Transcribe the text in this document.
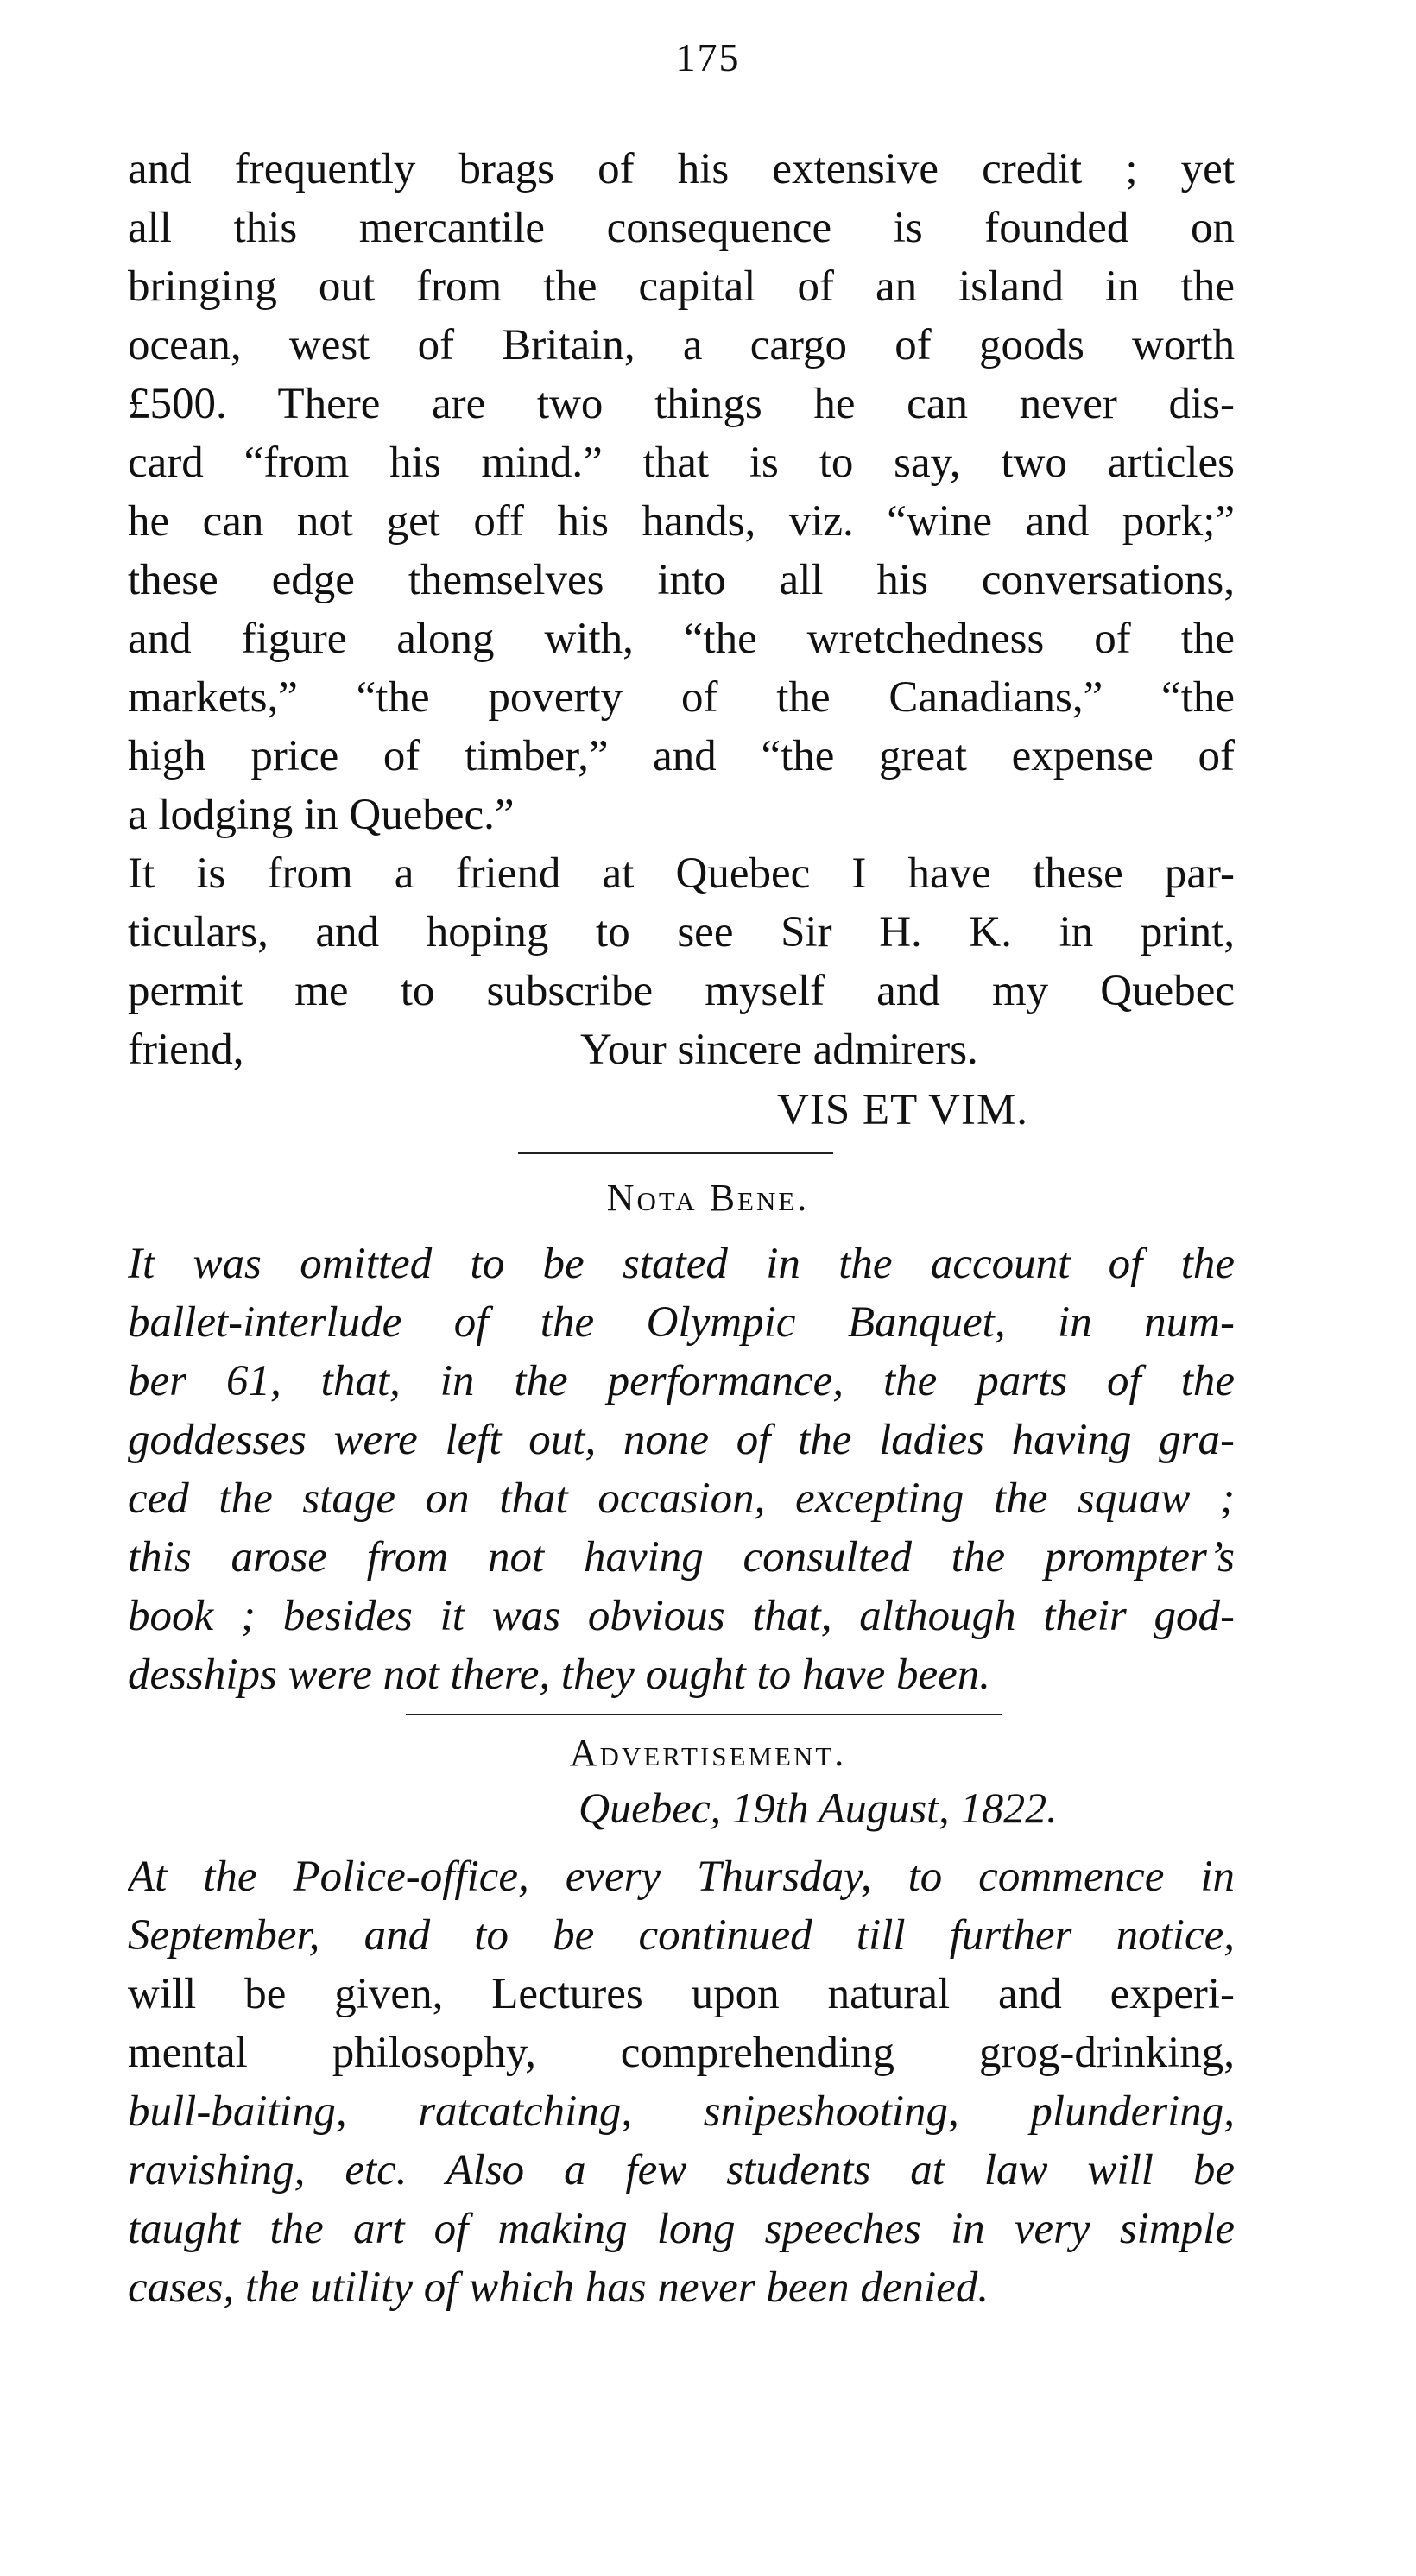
175
and frequently brags of his extensive credit ; yet
all this mercantile consequence is founded on
bringing out from the capital of an island in the
ocean, west of Britain, a cargo of goods worth
£500. There are two things he can never dis-
card “from his mind.” that is to say, two articles
he can not get off his hands, viz. “wine and pork;”
these edge themselves into all his conversations,
and figure along with, “the wretchedness of the
markets,” “the poverty of the Canadians,” “the
high price of timber,” and “the great expense of
a lodging in Quebec.”
It is from a friend at Quebec I have these par-
ticulars, and hoping to see Sir H. K. in print,
permit me to subscribe myself and my Quebec
friend,	Your sincere admirers.
VIS ET VIM.
Nota Bene.
It was omitted to be stated in the account of the
ballet-interlude of the Olympic Banquet, in num-
ber 61, that, in the performance, the parts of the
goddesses were left out, none of the ladies having gra-
ced the stage on that occasion, excepting the squaw ;
this arose from not having consulted the prompter’s
book ; besides it was obvious that, although their god-
desships were not there, they ought to have been.
Advertisement.
Quebec, 19th August, 1822.
At the Police-office, every Thursday, to commence in
September, and to be continued till further notice,
will be given, Lectures upon natural and experi-
mental philosophy, comprehending grog-drinking,
bull-baiting, ratcatching, snipeshooting, plundering,
ravishing, etc. Also a few students at law will be
taught the art of making long speeches in very simple
cases, the utility of which has never been denied.
